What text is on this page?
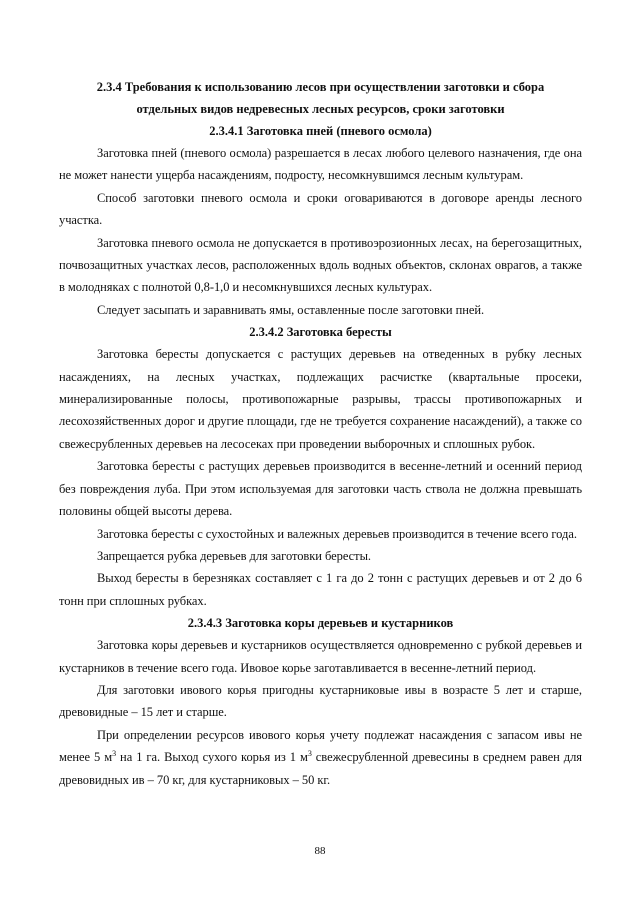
2.3.4 Требования к использованию лесов при осуществлении заготовки и сбора
отдельных видов недревесных лесных ресурсов, сроки заготовки
2.3.4.1 Заготовка пней (пневого осмола)

Заготовка пней (пневого осмола) разрешается в лесах любого целевого назначения, где она не может нанести ущерба насаждениям, подросту, несомкнувшимся лесным культурам.

Способ заготовки пневого осмола и сроки оговариваются в договоре аренды лесного участка.

Заготовка пневого осмола не допускается в противоэрозионных лесах, на берегозащитных, почвозащитных участках лесов, расположенных вдоль водных объектов, склонах оврагов, а также в молодняках с полнотой 0,8-1,0 и несомкнувшихся лесных культурах.

Следует засыпать и заравнивать ямы, оставленные после заготовки пней.

2.3.4.2 Заготовка бересты

Заготовка бересты допускается с растущих деревьев на отведенных в рубку лесных насаждениях, на лесных участках, подлежащих расчистке (квартальные просеки, минерализированные полосы, противопожарные разрывы, трассы противопожарных и лесохозяйственных дорог и другие площади, где не требуется сохранение насаждений), а также со свежесрубленных деревьев на лесосеках при проведении выборочных и сплошных рубок.

Заготовка бересты с растущих деревьев производится в весенне-летний и осенний период без повреждения луба. При этом используемая для заготовки часть ствола не должна превышать половины общей высоты дерева.

Заготовка бересты с сухостойных и валежных деревьев производится в течение всего года.

Запрещается рубка деревьев для заготовки бересты.

Выход бересты в березняках составляет с 1 га до 2 тонн с растущих деревьев и от 2 до 6 тонн при сплошных рубках.

2.3.4.3 Заготовка коры деревьев и кустарников

Заготовка коры деревьев и кустарников осуществляется одновременно с рубкой деревьев и кустарников в течение всего года. Ивовое корье заготавливается в весенне-летний период.

Для заготовки ивового корья пригодны кустарниковые ивы в возрасте 5 лет и старше, древовидные – 15 лет и старше.

При определении ресурсов ивового корья учету подлежат насаждения с запасом ивы не менее 5 $м^3$ на 1 га. Выход сухого корья из 1 $м^3$ свежесрубленной древесины в среднем равен для древовидных ив – 70 кг, для кустарниковых – 50 кг.

88
